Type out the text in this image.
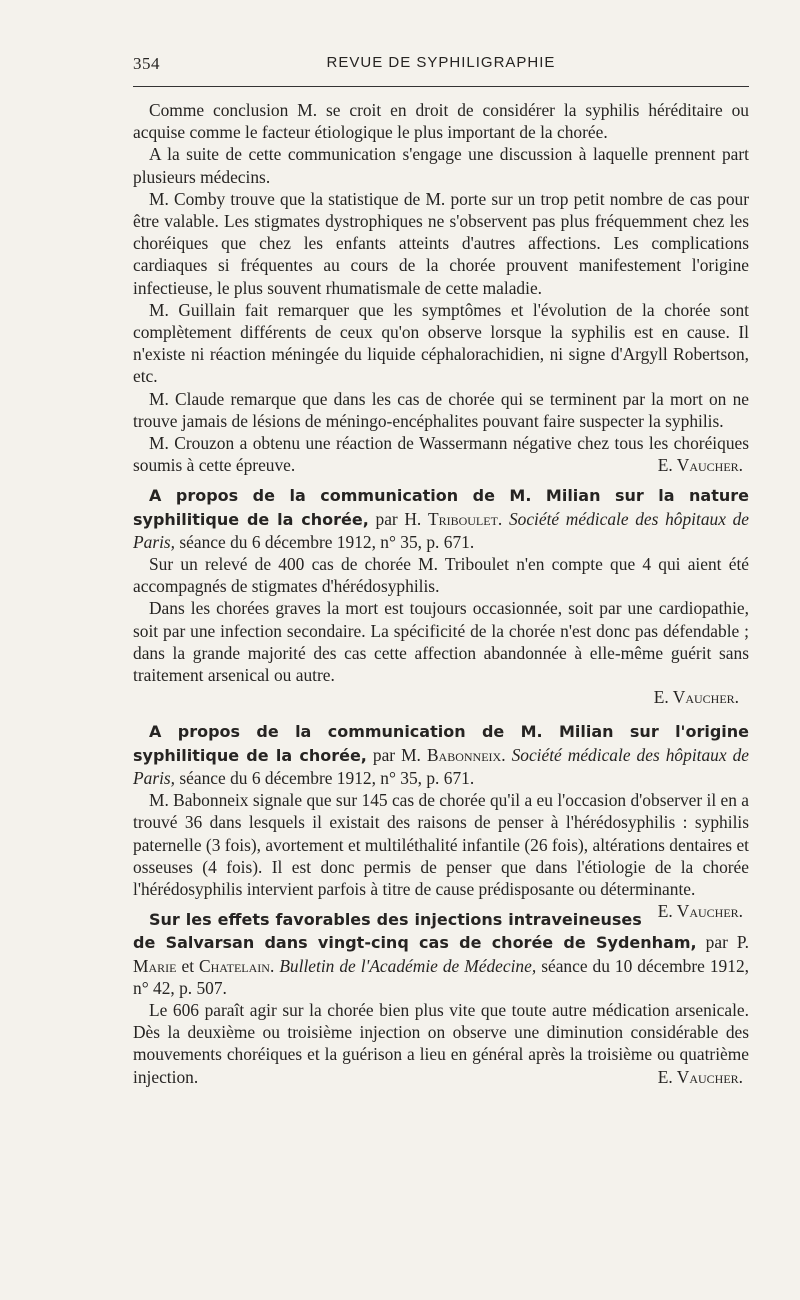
354	REVUE DE SYPHILIGRAPHIE

Comme conclusion M. se croit en droit de considérer la syphilis héréditaire ou acquise comme le facteur étiologique le plus important de la chorée.

A la suite de cette communication s'engage une discussion à laquelle prennent part plusieurs médecins.

M. Comby trouve que la statistique de M. porte sur un trop petit nombre de cas pour être valable. Les stigmates dystrophiques ne s'observent pas plus fréquemment chez les choréiques que chez les enfants atteints d'autres affections. Les complications cardiaques si fréquentes au cours de la chorée prouvent manifestement l'origine infectieuse, le plus souvent rhumatismale de cette maladie.

M. Guillain fait remarquer que les symptômes et l'évolution de la chorée sont complètement différents de ceux qu'on observe lorsque la syphilis est en cause. Il n'existe ni réaction méningée du liquide céphalorachidien, ni signe d'Argyll Robertson, etc.

M. Claude remarque que dans les cas de chorée qui se terminent par la mort on ne trouve jamais de lésions de méningo-encéphalites pouvant faire suspecter la syphilis.

M. Crouzon a obtenu une réaction de Wassermann négative chez tous les choréiques soumis à cette épreuve.	E. Vaucher.

A propos de la communication de M. Milian sur la nature syphilitique de la chorée, par H. Triboulet. Société médicale des hôpitaux de Paris, séance du 6 décembre 1912, n° 35, p. 671.

Sur un relevé de 400 cas de chorée M. Triboulet n'en compte que 4 qui aient été accompagnés de stigmates d'hérédosyphilis.

Dans les chorées graves la mort est toujours occasionnée, soit par une cardiopathie, soit par une infection secondaire. La spécificité de la chorée n'est donc pas défendable ; dans la grande majorité des cas cette affection abandonnée à elle-même guérit sans traitement arsenical ou autre.

E. Vaucher.

A propos de la communication de M. Milian sur l'origine syphilitique de la chorée, par M. Babonneix. Société médicale des hôpitaux de Paris, séance du 6 décembre 1912, n° 35, p. 671.

M. Babonneix signale que sur 145 cas de chorée qu'il a eu l'occasion d'observer il en a trouvé 36 dans lesquels il existait des raisons de penser à l'hérédosyphilis : syphilis paternelle (3 fois), avortement et multiléthalité infantile (26 fois), altérations dentaires et osseuses (4 fois). Il est donc permis de penser que dans l'étiologie de la chorée l'hérédosyphilis intervient parfois à titre de cause prédisposante ou déterminante.
E. Vaucher.

Sur les effets favorables des injections intraveineuses de Salvarsan dans vingt-cinq cas de chorée de Sydenham, par P. Marie et Chatelain. Bulletin de l'Académie de Médecine, séance du 10 décembre 1912, n° 42, p. 507.

Le 606 paraît agir sur la chorée bien plus vite que toute autre médication arsenicale. Dès la deuxième ou troisième injection on observe une diminution considérable des mouvements choréiques et la guérison a lieu en général après la troisième ou quatrième injection.	E. Vaucher.
